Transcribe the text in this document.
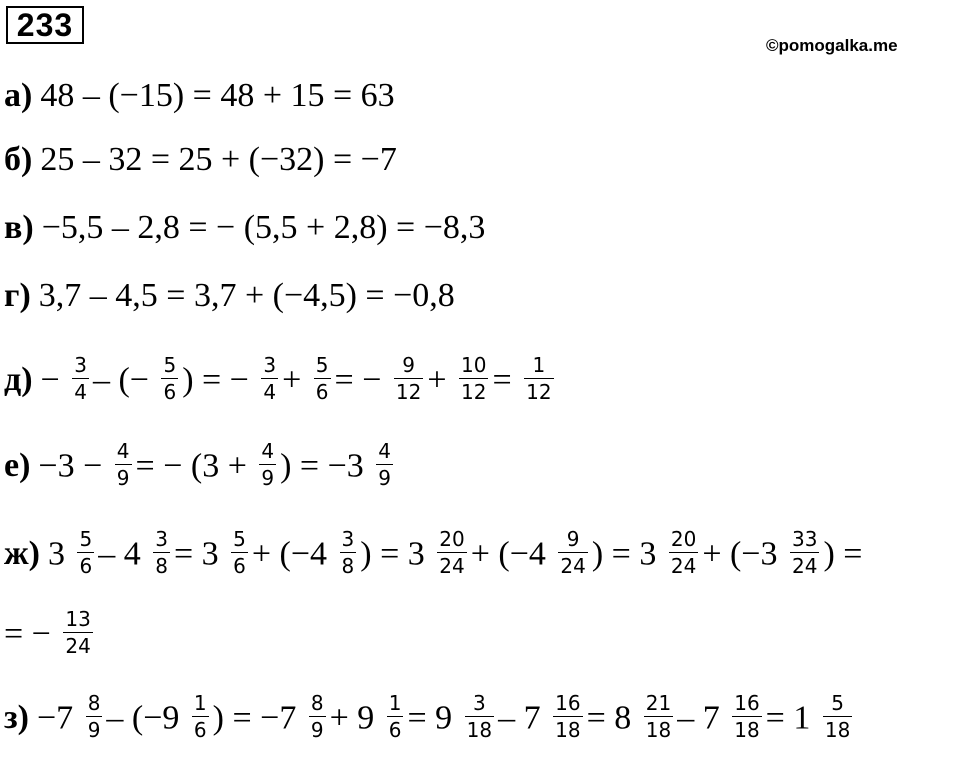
233
©pomogalka.me
а) 48 – (−15) = 48 + 15 = 63
б) 25 – 32 = 25 + (−32) = −7
в) −5,5 – 2,8 = − (5,5 + 2,8) = −8,3
г) 3,7 – 4,5 = 3,7 + (−4,5) = −0,8
$д) - \frac{3}{4}$ – (− $\frac{5}{6}$ ) = − $\frac{3}{4} + \frac{5}{6}$ = − $\frac{9}{12} + \frac{10}{12} = \frac{1}{12}$
$е) -3 - \frac{4}{9}$ = − ($3 + \frac{4}{9}$ ) = $-3 \frac{4}{9}$
ж) $3 \frac{5}{6} - 4 \frac{3}{8} = 3 \frac{5}{6} + (-4 \frac{3}{8}$ ) = $3 \frac{20}{24} + (-4 \frac{9}{24}$ ) = $3 \frac{20}{24} + (-3 \frac{33}{24}$ ) =
= − $\frac{13}{24}$
$з) -7 \frac{8}{9} - (-9 \frac{1}{6}$ ) = $-7 \frac{8}{9} + 9 \frac{1}{6} = 9 \frac{3}{18} - 7 \frac{16}{18} = 8 \frac{21}{18} - 7 \frac{16}{18} = 1 \frac{5}{18}$
